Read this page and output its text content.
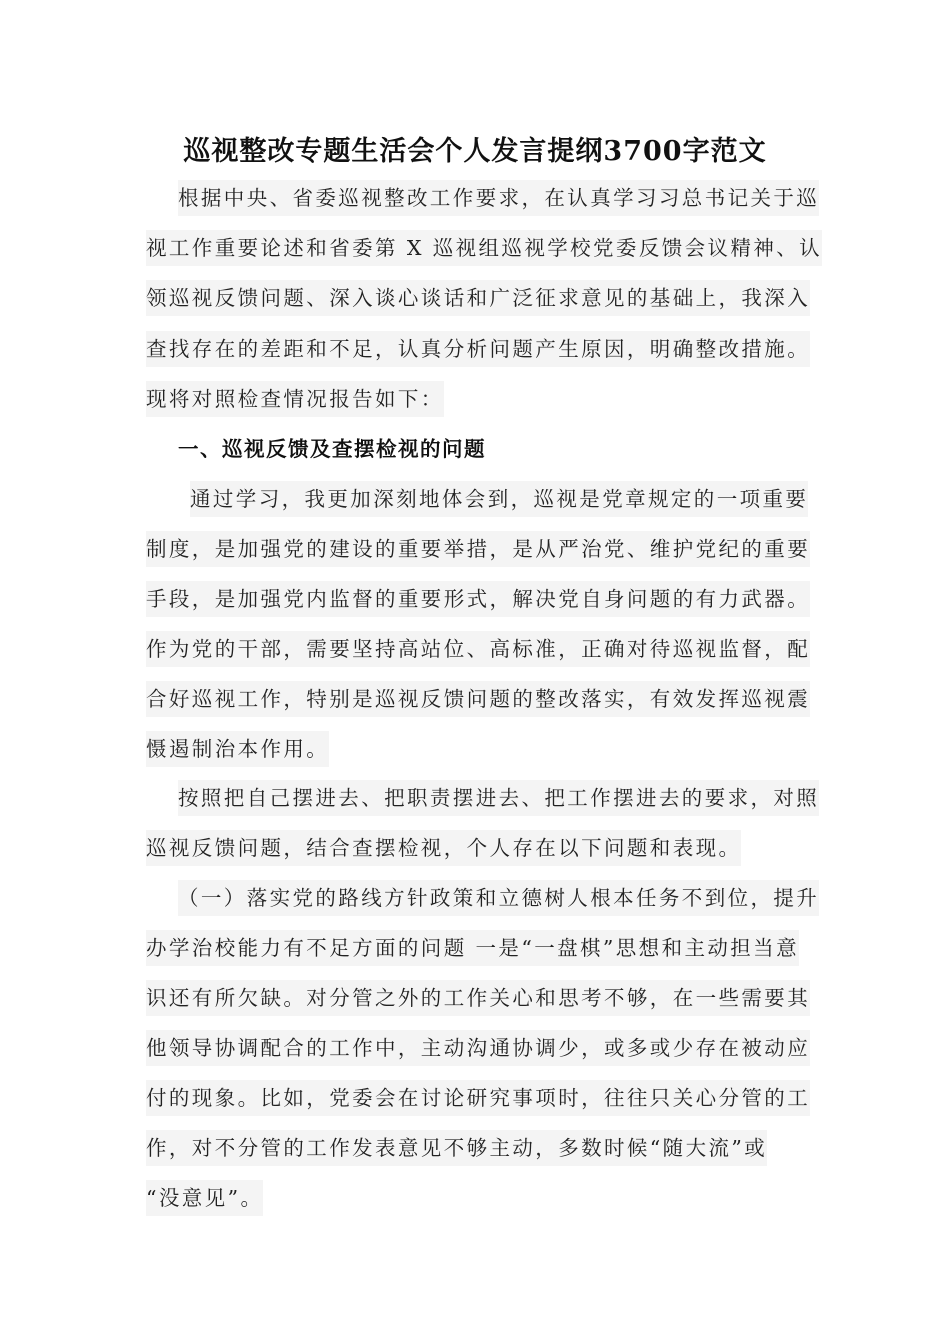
巡视整改专题生活会个人发言提纲3700字范文
根据中央、省委巡视整改工作要求，在认真学习习总书记关于巡
视工作重要论述和省委第 X 巡视组巡视学校党委反馈会议精神、认
领巡视反馈问题、深入谈心谈话和广泛征求意见的基础上，我深入
查找存在的差距和不足，认真分析问题产生原因，明确整改措施。
现将对照检查情况报告如下：
一、巡视反馈及查摆检视的问题
通过学习，我更加深刻地体会到，巡视是党章规定的一项重要
制度，是加强党的建设的重要举措，是从严治党、维护党纪的重要
手段，是加强党内监督的重要形式，解决党自身问题的有力武器。
作为党的干部，需要坚持高站位、高标准，正确对待巡视监督，配
合好巡视工作，特别是巡视反馈问题的整改落实，有效发挥巡视震
慑遏制治本作用。
按照把自己摆进去、把职责摆进去、把工作摆进去的要求，对照
巡视反馈问题，结合查摆检视，个人存在以下问题和表现。
（一）落实党的路线方针政策和立德树人根本任务不到位，提升
办学治校能力有不足方面的问题 一是“一盘棋”思想和主动担当意
识还有所欠缺。对分管之外的工作关心和思考不够，在一些需要其
他领导协调配合的工作中，主动沟通协调少，或多或少存在被动应
付的现象。比如，党委会在讨论研究事项时，往往只关心分管的工
作，对不分管的工作发表意见不够主动，多数时候“随大流”或
“没意见”。
